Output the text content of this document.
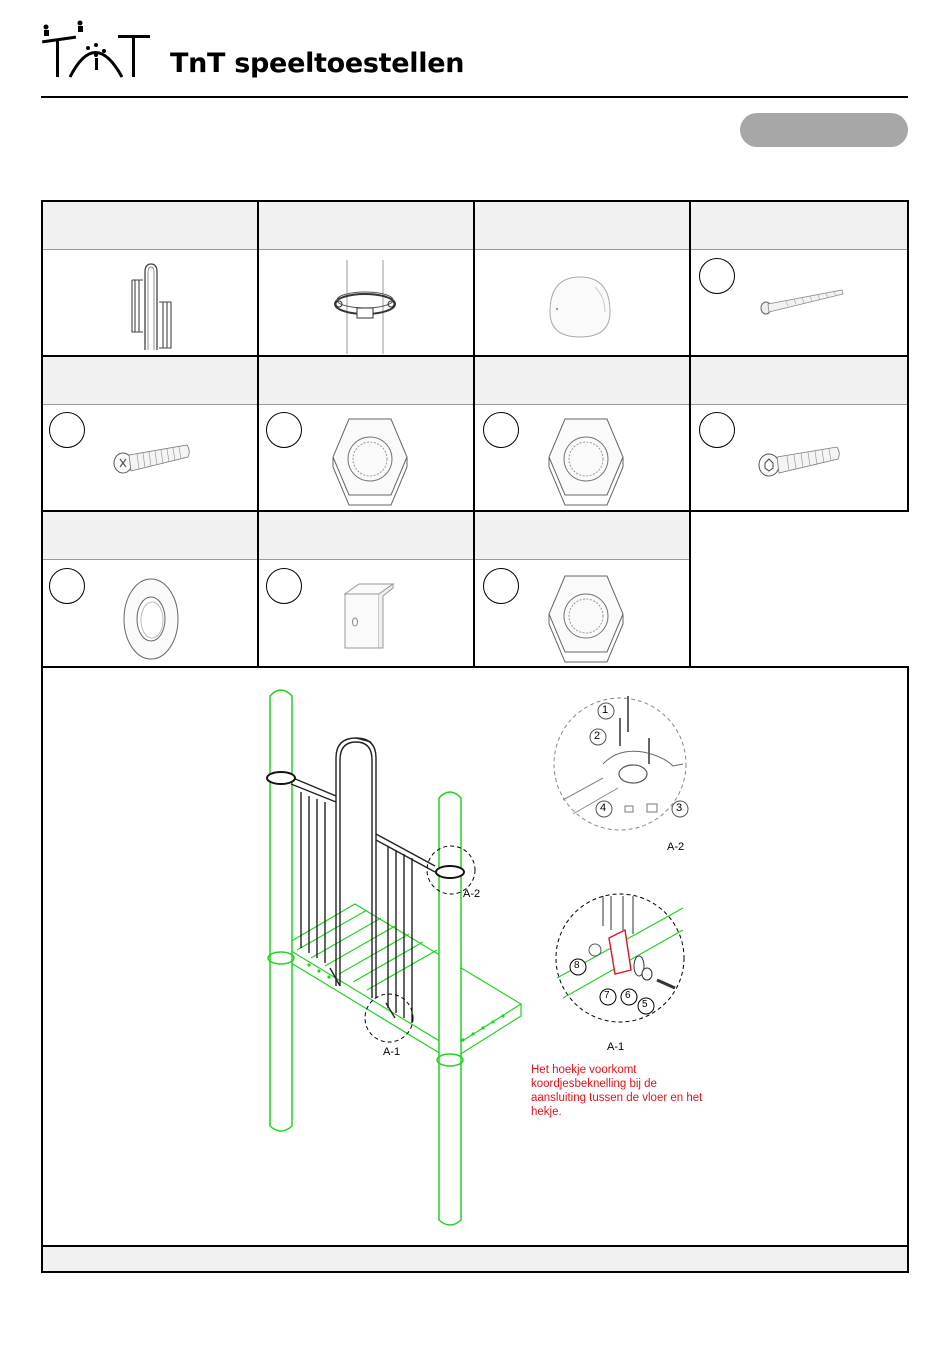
TnT speeltoestellen
1
2
3
4
5
6
7
8
A-2
A-1
A-2
A-1
Het hoekje voorkomt
koordjesbeknelling bij de
aansluiting tussen de vloer en het
hekje.
